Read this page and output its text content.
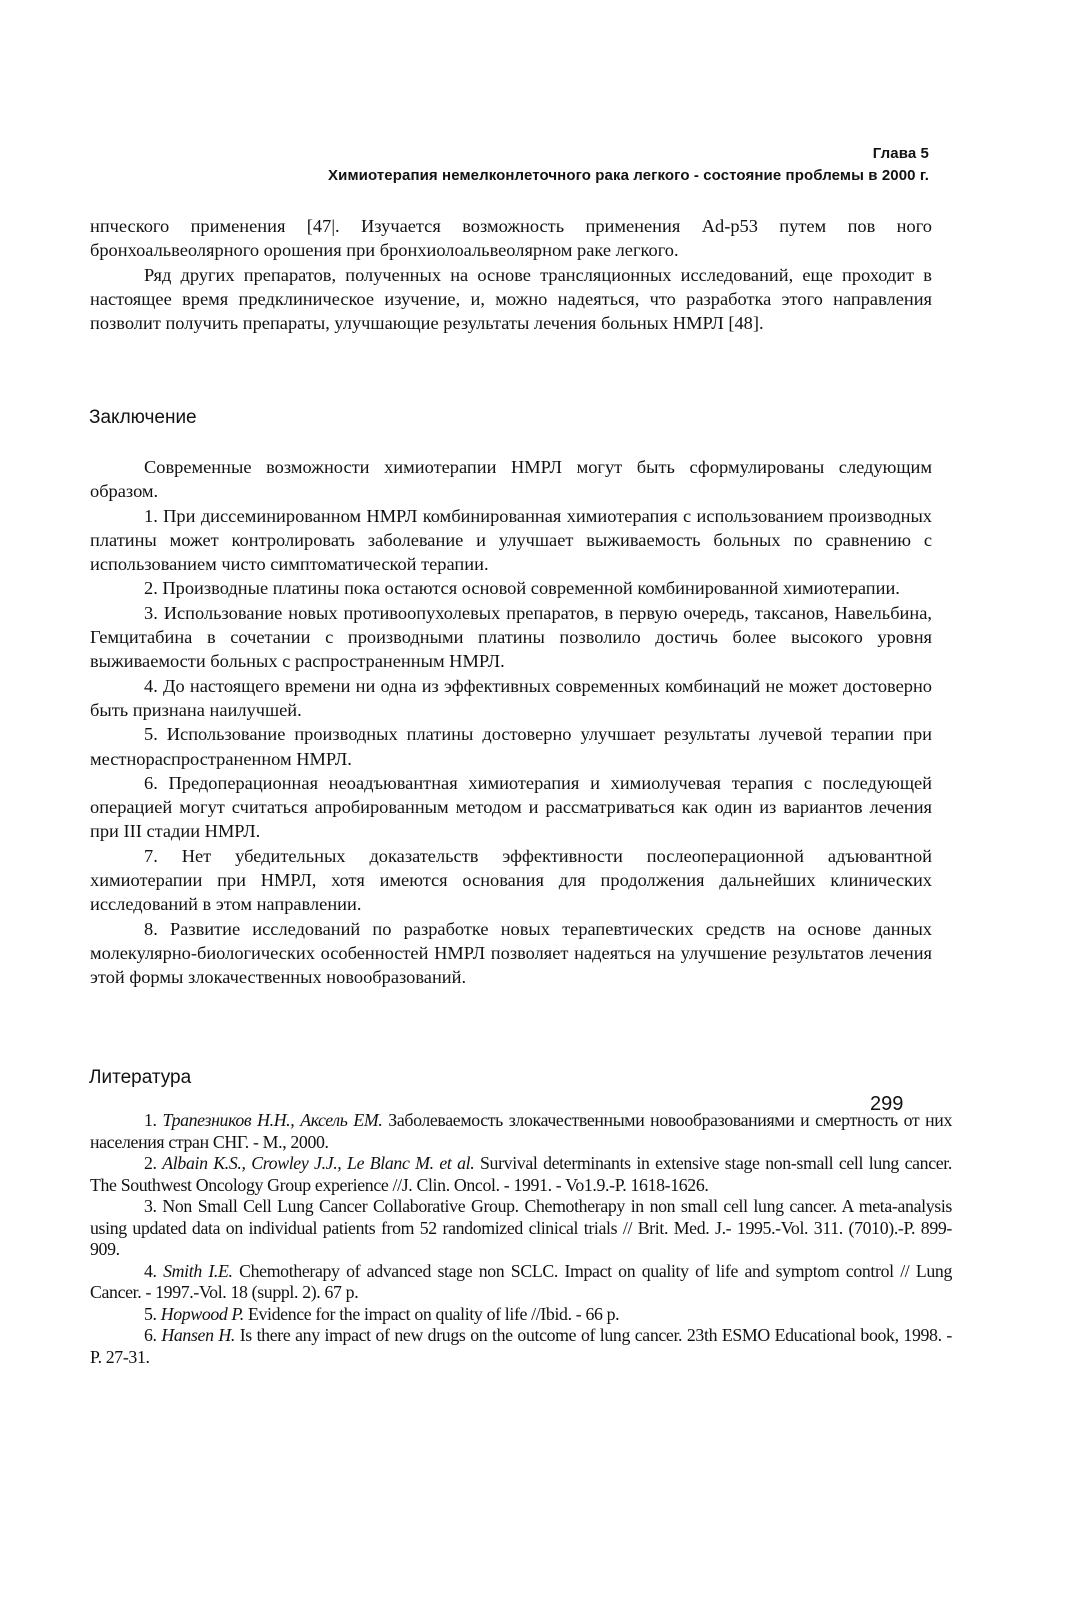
Глава 5
Химиотерапия немелконлеточного рака легкого - состояние проблемы в 2000 г.

нпческого применения [47|. Изучается возможность применения Ad-p53 путем пов ного бронхоальвеолярного орошения при бронхиолоальвеолярном раке легкого.

Ряд других препаратов, полученных на основе трансляционных исследований, еще проходит в настоящее время предклиническое изучение, и, можно надеяться, что разработка этого направления позволит получить препараты, улучшающие результаты лечения больных НМРЛ [48].

Заключение

Современные возможности химиотерапии НМРЛ могут быть сформулированы следующим образом.

1. При диссеминированном НМРЛ комбинированная химиотерапия с использованием производных платины может контролировать заболевание и улучшает выживаемость больных по сравнению с использованием чисто симптоматической терапии.

2. Производные платины пока остаются основой современной комбинированной химиотерапии.

3. Использование новых противоопухолевых препаратов, в первую очередь, таксанов, Навельбина, Гемцитабина в сочетании с производными платины позволило достичь более высокого уровня выживаемости больных с распространенным НМРЛ.

4. До настоящего времени ни одна из эффективных современных комбинаций не может достоверно быть признана наилучшей.

5. Использование производных платины достоверно улучшает результаты лучевой терапии при местнораспространенном НМРЛ.

6. Предоперационная неоадъювантная химиотерапия и химиолучевая терапия с последующей операцией могут считаться апробированным методом и рассматриваться как один из вариантов лечения при III стадии НМРЛ.

7. Нет убедительных доказательств эффективности послеоперационной адъювантной химиотерапии при НМРЛ, хотя имеются основания для продолжения дальнейших клинических исследований в этом направлении.

8. Развитие исследований по разработке новых терапевтических средств на основе данных молекулярно-биологических особенностей НМРЛ позволяет надеяться на улучшение результатов лечения этой формы злокачественных новообразований.

Литература

1. Трапезников Н.Н., Аксель ЕМ. Заболеваемость злокачественными новообразованиями и смертность от них населения стран СНГ. - М., 2000.

2. Albain K.S., Crowley J.J., Le Blanc M. et al. Survival determinants in extensive stage non-small cell lung cancer. The Southwest Oncology Group experience //J. Clin. Oncol. - 1991. - Vo1.9.-P. 1618-1626.

3. Non Small Cell Lung Cancer Collaborative Group. Chemotherapy in non small cell lung cancer. A meta-analysis using updated data on individual patients from 52 randomized clinical trials // Brit. Med. J.- 1995.-Vol. 311. (7010).-P. 899-909.

4. Smith I.E. Chemotherapy of advanced stage non SCLC. Impact on quality of life and symptom control // Lung Cancer. - 1997.-Vol. 18 (suppl. 2). 67 p.

5. Hopwood P. Evidence for the impact on quality of life //Ibid. - 66 p.

6. Hansen H. Is there any impact of new drugs on the outcome of lung cancer. 23th ESMO Educational book, 1998. - P. 27-31.

299
